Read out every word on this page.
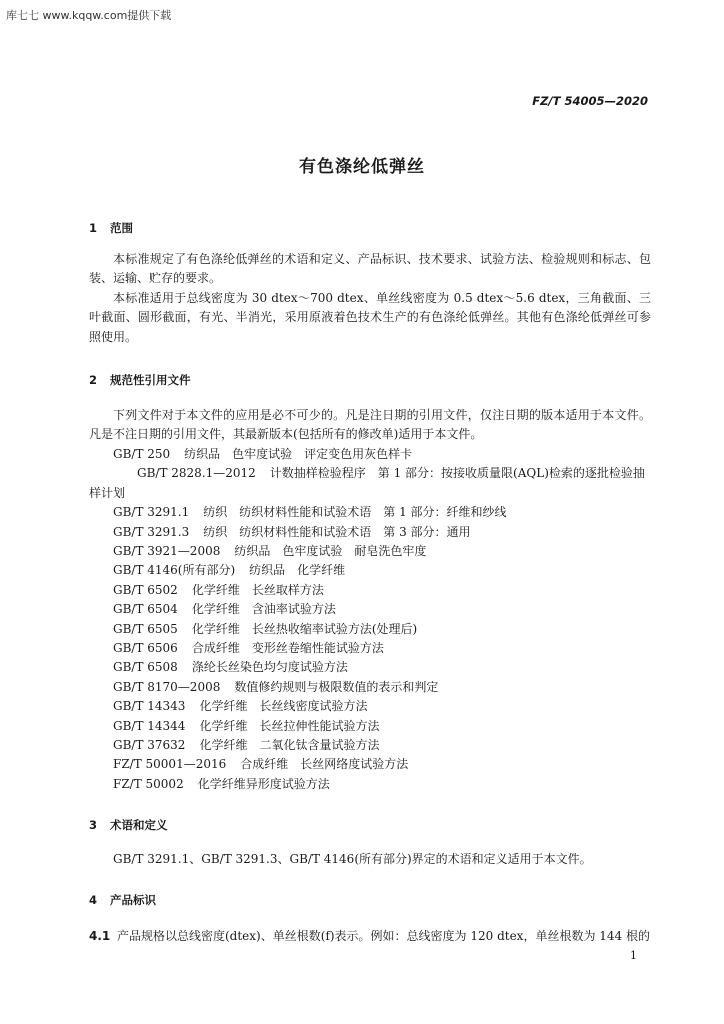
库七七 www.kqqw.com提供下载
FZ/T 54005—2020
有色涤纶低弹丝
1 范围

本标准规定了有色涤纶低弹丝的术语和定义、产品标识、技术要求、试验方法、检验规则和标志、包装、运输、贮存的要求。

本标准适用于总线密度为 30 dtex～700 dtex、单丝线密度为 0.5 dtex～5.6 dtex，三角截面、三叶截面、圆形截面，有光、半消光，采用原液着色技术生产的有色涤纶低弹丝。其他有色涤纶低弹丝可参照使用。

2 规范性引用文件

下列文件对于本文件的应用是必不可少的。凡是注日期的引用文件，仅注日期的版本适用于本文件。凡是不注日期的引用文件，其最新版本(包括所有的修改单)适用于本文件。

GB/T 250 纺织品　色牢度试验　评定变色用灰色样卡
GB/T 2828.1—2012 计数抽样检验程序　第 1 部分：按接收质量限(AQL)检索的逐批检验抽样计划
GB/T 3291.1 纺织　纺织材料性能和试验术语　第 1 部分：纤维和纱线
GB/T 3291.3 纺织　纺织材料性能和试验术语　第 3 部分：通用
GB/T 3921—2008 纺织品　色牢度试验　耐皂洗色牢度
GB/T 4146(所有部分) 纺织品　化学纤维
GB/T 6502 化学纤维　长丝取样方法
GB/T 6504 化学纤维　含油率试验方法
GB/T 6505 化学纤维　长丝热收缩率试验方法(处理后)
GB/T 6506 合成纤维　变形丝卷缩性能试验方法
GB/T 6508 涤纶长丝染色均匀度试验方法
GB/T 8170—2008 数值修约规则与极限数值的表示和判定
GB/T 14343 化学纤维　长丝线密度试验方法
GB/T 14344 化学纤维　长丝拉伸性能试验方法
GB/T 37632 化学纤维　二氧化钛含量试验方法
FZ/T 50001—2016 合成纤维　长丝网络度试验方法
FZ/T 50002 化学纤维异形度试验方法
3 术语和定义

GB/T 3291.1、GB/T 3291.3、GB/T 4146(所有部分)界定的术语和定义适用于本文件。

4 产品标识
4.1 产品规格以总线密度(dtex)、单丝根数(f)表示。例如：总线密度为 120 dtex，单丝根数为 144 根的
1
